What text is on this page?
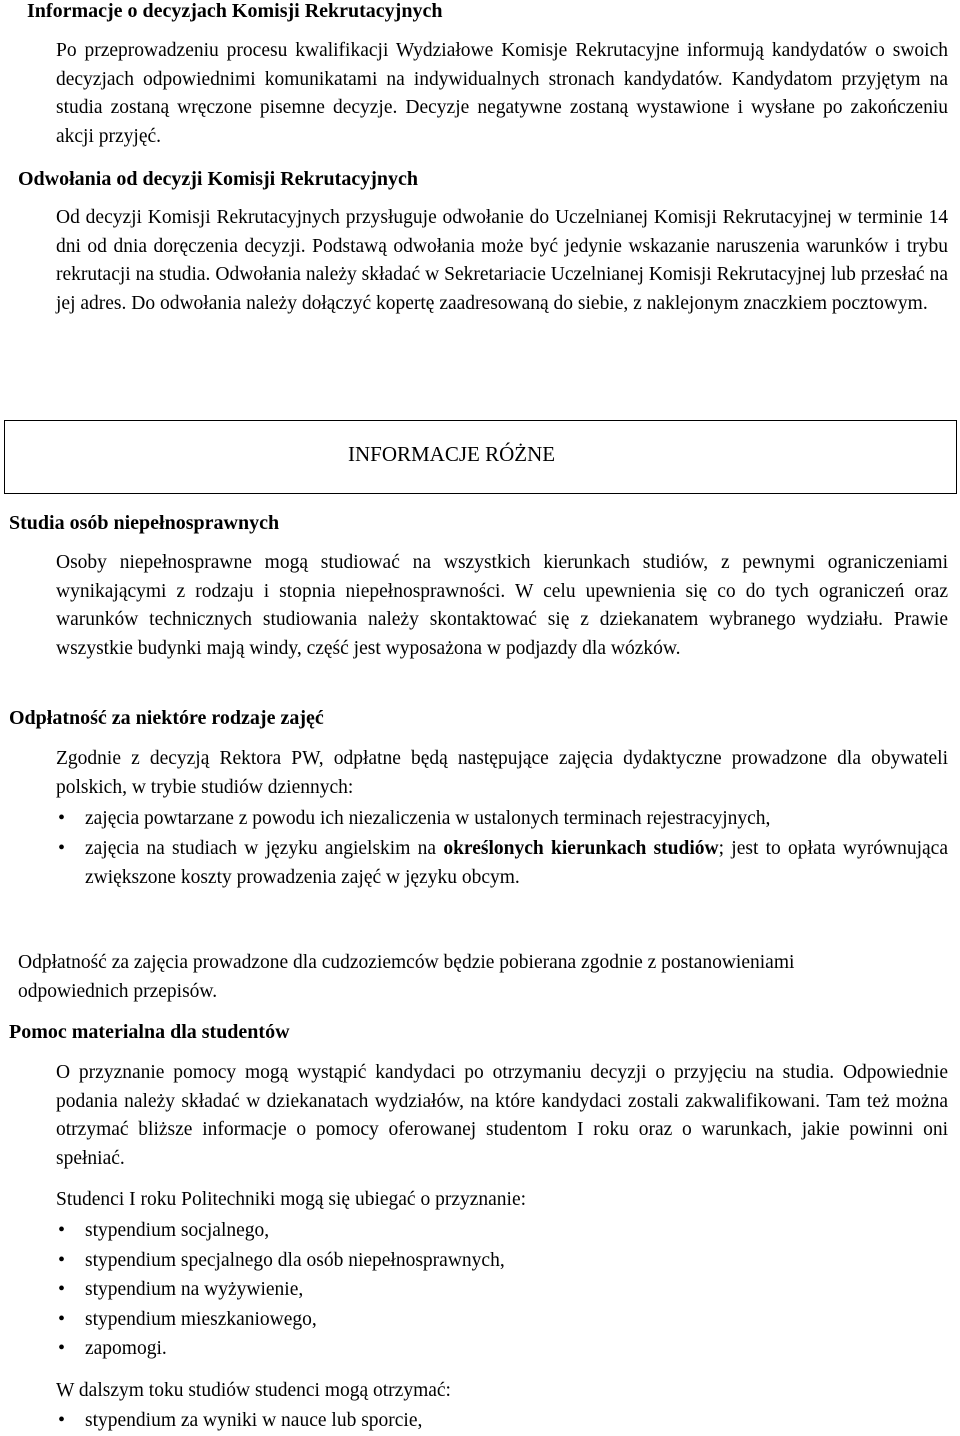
Informacje o decyzjach Komisji Rekrutacyjnych

Po przeprowadzeniu procesu kwalifikacji Wydziałowe Komisje Rekrutacyjne informują kandydatów o swoich decyzjach odpowiednimi komunikatami na indywidualnych stronach kandydatów. Kandydatom przyjętym na studia zostaną wręczone pisemne decyzje. Decyzje negatywne zostaną wystawione i wysłane po zakończeniu akcji przyjęć.

Odwołania od decyzji Komisji Rekrutacyjnych

Od decyzji Komisji Rekrutacyjnych przysługuje odwołanie do Uczelnianej Komisji Rekrutacyjnej w terminie 14 dni od dnia doręczenia decyzji. Podstawą odwołania może być jedynie wskazanie naruszenia warunków i trybu rekrutacji na studia. Odwołania należy składać w Sekretariacie Uczelnianej Komisji Rekrutacyjnej lub przesłać na jej adres. Do odwołania należy dołączyć kopertę zaadresowaną do siebie, z naklejonym znaczkiem pocztowym.

INFORMACJE RÓŻNE
Studia osób niepełnosprawnych

Osoby niepełnosprawne mogą studiować na wszystkich kierunkach studiów, z pewnymi ograniczeniami wynikającymi z rodzaju i stopnia niepełnosprawności. W celu upewnienia się co do tych ograniczeń oraz warunków technicznych studiowania należy skontaktować się z dziekanatem wybranego wydziału. Prawie wszystkie budynki mają windy, część jest wyposażona w podjazdy dla wózków.

Odpłatność za niektóre rodzaje zajęć

Zgodnie z decyzją Rektora PW, odpłatne będą następujące zajęcia dydaktyczne prowadzone dla obywateli polskich, w trybie studiów dziennych:

• zajęcia powtarzane z powodu ich niezaliczenia w ustalonych terminach rejestracyjnych,
• zajęcia na studiach w języku angielskim na określonych kierunkach studiów; jest to opłata wyrównująca zwiększone koszty prowadzenia zajęć w języku obcym.

Odpłatność za zajęcia prowadzone dla cudzoziemców będzie pobierana zgodnie z postanowieniami odpowiednich przepisów.

Pomoc materialna dla studentów

O przyznanie pomocy mogą wystąpić kandydaci po otrzymaniu decyzji o przyjęciu na studia. Odpowiednie podania należy składać w dziekanatach wydziałów, na które kandydaci zostali zakwalifikowani. Tam też można otrzymać bliższe informacje o pomocy oferowanej studentom I roku oraz o warunkach, jakie powinni oni spełniać.

Studenci I roku Politechniki mogą się ubiegać o przyznanie:

• stypendium socjalnego,
• stypendium specjalnego dla osób niepełnosprawnych,
• stypendium na wyżywienie,
• stypendium mieszkaniowego,
• zapomogi.

W dalszym toku studiów studenci mogą otrzymać:

• stypendium za wyniki w nauce lub sporcie,
